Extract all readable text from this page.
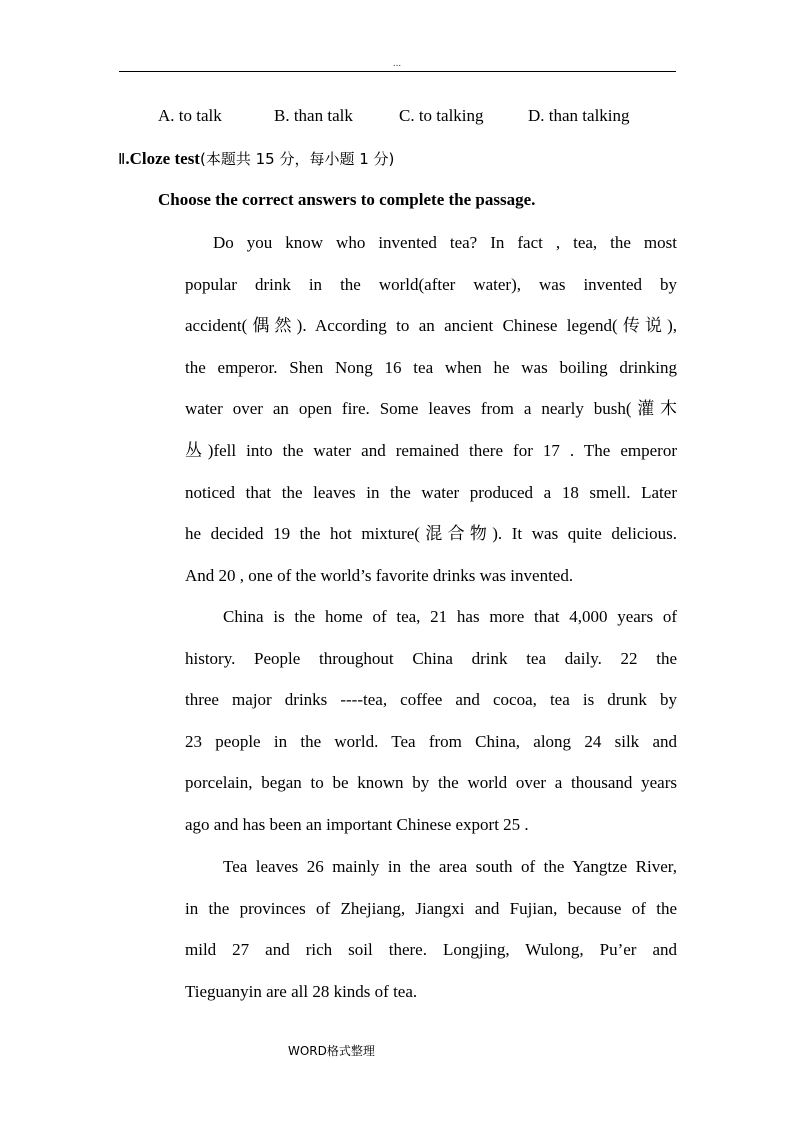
...
A. to talk	B. than talk	C. to talking	D. than talking
Ⅱ.Cloze test(本题共 15 分，每小题 1 分)
Choose the correct answers to complete the passage.
Do you know who invented tea? In fact , tea, the most
popular drink in the world(after water), was invented by
accident(偶然). According to an ancient Chinese legend(传说),
the emperor. Shen Nong 16 tea when he was boiling drinking
water over an open fire. Some leaves from a nearly bush(灌木
丛)fell into the water and remained there for 17 . The emperor
noticed that the leaves in the water produced a 18 smell. Later
he decided 19 the hot mixture(混合物). It was quite delicious.
And 20 , one of the world’s favorite drinks was invented.
China is the home of tea, 21 has more that 4,000 years of
history. People throughout China drink tea daily. 22 the
three major drinks ----tea, coffee and cocoa, tea is drunk by
23 people in the world. Tea from China, along 24 silk and
porcelain, began to be known by the world over a thousand years
ago and has been an important Chinese export 25 .
Tea leaves 26 mainly in the area south of the Yangtze River,
in the provinces of Zhejiang, Jiangxi and Fujian, because of the
mild 27 and rich soil there. Longjing, Wulong, Pu’er and
Tieguanyin are all 28 kinds of tea.
WORD格式整理
